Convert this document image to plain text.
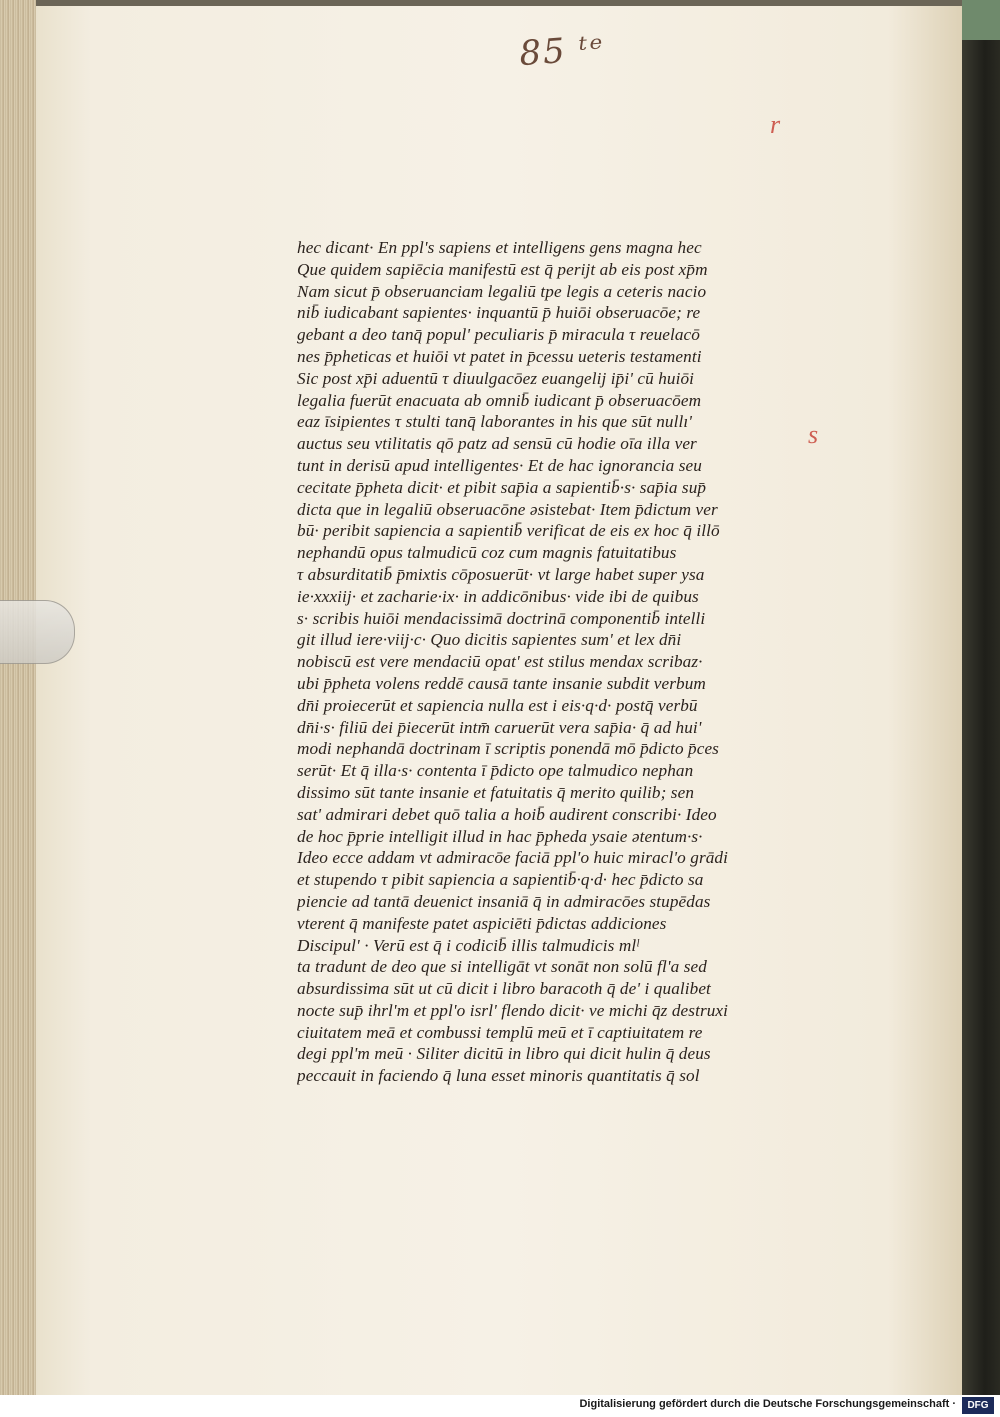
85 ᵗᵉ
r
s
hec dicant· En ppl's sapiens et intelligens gens magna hec
Que quidem sapiēcia manifestū est q̄ perijt ab eis post xp̄m
Nam sicut p̄ obseruanciam legaliū tpe legis a ceteris nacio
nib̄ iudicabant sapientes· inquantū p̄ huiōi obseruacōe; re
gebant a deo tanq̄ popul' peculiaris p̄ miracula τ reuelacō
nes p̄pheticas et huiōi vt patet in p̄cessu ueteris testamenti
Sic post xp̄i aduentū τ diuulgacōez euangelij ip̄i' cū huiōi
legalia fuerūt enacuata ab omnib̄ iudicant p̄ obseruacōem
eaz īsipientes τ stulti tanq̄ laborantes in his que sūt nullı'
auctus seu vtilitatis qō patz ad sensū cū hodie oīa illa ver
tunt in derisū apud intelligentes· Et de hac ignorancia seu
cecitate p̄pheta dicit· et pibit sap̄ia a sapientib̄·s· sap̄ia sup̄
dicta que in legaliū obseruacōne əsistebat· Item p̄dictum ver
bū· peribit sapiencia a sapientib̄ verificat de eis ex hoc q̄ illō
nephandū opus talmudicū coz cum magnis fatuitatibus
τ absurditatib̄ p̄mixtis cōposuerūt· vt large habet super ysa
ie·xxxiij· et zacharie·ix· in addicōnibus· vide ibi de quibus
s· scribis huiōi mendacissimā doctrinā componentib̄ intelli
git illud iere·viij·c· Quo dicitis sapientes sum' et lex dn̄i
nobiscū est vere mendaciū opat' est stilus mendax scribaz·
ubi p̄pheta volens reddē causā tante insanie subdit verbum
dn̄i proiecerūt et sapiencia nulla est i eis·q·d· postq̄ verbū
dn̄i·s· filiū dei p̄iecerūt intm̄ caruerūt vera sap̄ia· q̄ ad hui'
modi nephandā doctrinam ī scriptis ponendā mō p̄dicto p̄ces
serūt· Et q̄ illa·s· contenta ī p̄dicto ope talmudico nephan
dissimo sūt tante insanie et fatuitatis q̄ merito quilib; sen
sat' admirari debet quō talia a hoib̄ audirent conscribi· Ideo
de hoc p̄prie intelligit illud in hac p̄pheda ysaie ətentum·s·
Ideo ecce addam vt admiracōe faciā ppl'o huic miracl'o grādi
et stupendo τ pibit sapiencia a sapientib̄·q·d· hec p̄dicto sa
piencie ad tantā deuenict insaniā q̄ in admiracōes stupēdas
vterent q̄ manifeste patet aspiciēti p̄dictas addiciones
Discipul' · Verū est q̄ i codicib̄ illis talmudicis mlˡ
ta tradunt de deo que si intelligāt vt sonāt non solū fl'a sed
absurdissima sūt ut cū dicit i libro baracoth q̄ de' i qualibet
nocte sup̄ ihrl'm et ppl'o isrl' flendo dicit· ve michi q̄z destruxi
ciuitatem meā et combussi templū meū et ī captiuitatem re
degi ppl'm meū · Siliter dicitū in libro qui dicit hulin q̄ deus
peccauit in faciendo q̄ luna esset minoris quantitatis q̄ sol
Digitalisierung gefördert durch die Deutsche Forschungsgemeinschaft ·	DFG
